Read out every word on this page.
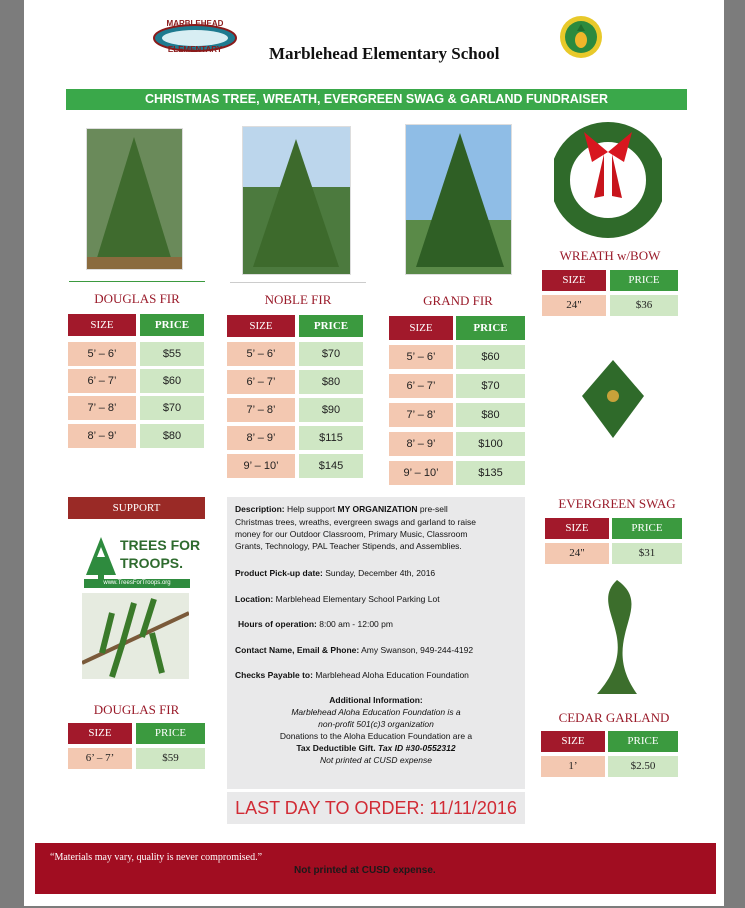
MARBLEHEAD
ELEMENTARY	Marblehead Elementary School
CHRISTMAS TREE, WREATH, EVERGREEN SWAG & GARLAND FUNDRAISER
DOUGLAS FIR
SIZE	PRICE
5’ – 6’	$55
6’ – 7’	$60
7’ – 8’	$70
8’ – 9’	$80
NOBLE FIR
SIZE	PRICE
5’ – 6’	$70
6’ – 7’	$80
7’ – 8’	$90
8’ – 9’	$115
9’ – 10’	$145
GRAND FIR
SIZE	PRICE
5’ – 6’	$60
6’ – 7’	$70
7’ – 8’	$80
8’ – 9’	$100
9’ – 10’	$135
WREATH w/BOW
SIZE	PRICE
24"	$36
EVERGREEN SWAG
SIZE	PRICE
24"	$31
CEDAR GARLAND
SIZE	PRICE
1’	$2.50
SUPPORT
TREES FOR
TROOPS.
www.TreesForTroops.org
DOUGLAS FIR
SIZE	PRICE
6’ – 7’	$59

Description: Help support MY ORGANIZATION pre-sell

Christmas trees, wreaths, evergreen swags and garland to raise

money for our Outdoor Classroom, Primary Music, Classroom

Grants, Technology, PAL Teacher Stipends, and Assemblies.

Product Pick-up date: Sunday, December 4th, 2016

Location: Marblehead Elementary School Parking Lot

Hours of operation: 8:00 am - 12:00 pm

Contact Name, Email & Phone: Amy Swanson, 949-244-4192

Checks Payable to: Marblehead Aloha Education Foundation

Additional Information:

Marblehead Aloha Education Foundation is a

non-profit 501(c)3 organization

Donations to the Aloha Education Foundation are a

Tax Deductible Gift. Tax ID #30-0552312

Not printed at CUSD expense

LAST DAY TO ORDER: 11/11/2016
“Materials may vary, quality is never compromised.”
Not printed at CUSD expense.
